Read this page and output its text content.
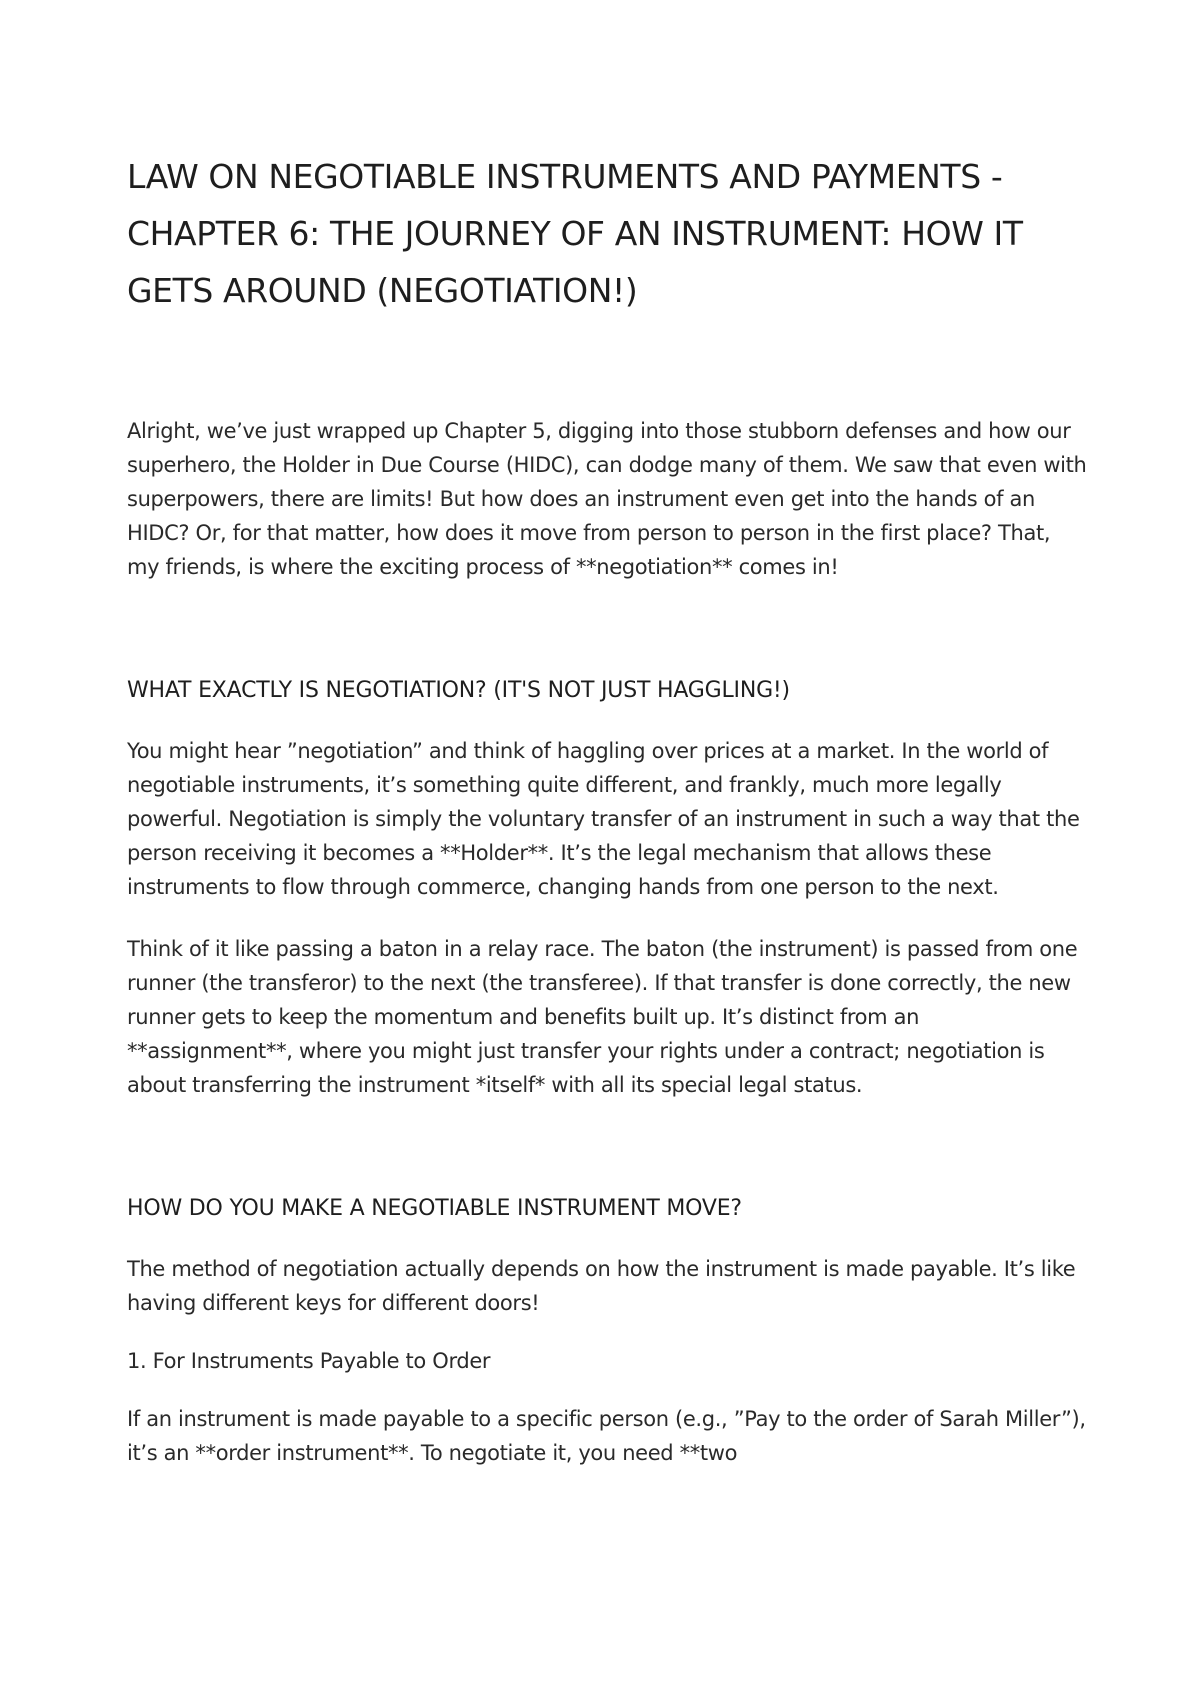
LAW ON NEGOTIABLE INSTRUMENTS AND PAYMENTS - CHAPTER 6: THE JOURNEY OF AN INSTRUMENT: HOW IT GETS AROUND (NEGOTIATION!)

Alright, we’ve just wrapped up Chapter 5, digging into those stubborn defenses and how our superhero, the Holder in Due Course (HIDC), can dodge many of them. We saw that even with superpowers, there are limits! But how does an instrument even get into the hands of an HIDC? Or, for that matter, how does it move from person to person in the first place? That, my friends, is where the exciting process of **negotiation** comes in!

WHAT EXACTLY IS NEGOTIATION? (IT'S NOT JUST HAGGLING!)

You might hear ”negotiation” and think of haggling over prices at a market. In the world of negotiable instruments, it’s something quite different, and frankly, much more legally powerful. Negotiation is simply the voluntary transfer of an instrument in such a way that the person receiving it becomes a **Holder**. It’s the legal mechanism that allows these instruments to flow through commerce, changing hands from one person to the next.

Think of it like passing a baton in a relay race. The baton (the instrument) is passed from one runner (the transferor) to the next (the transferee). If that transfer is done correctly, the new runner gets to keep the momentum and benefits built up. It’s distinct from an **assignment**, where you might just transfer your rights under a contract; negotiation is about transferring the instrument *itself* with all its special legal status.

HOW DO YOU MAKE A NEGOTIABLE INSTRUMENT MOVE?

The method of negotiation actually depends on how the instrument is made payable. It’s like having different keys for different doors!

1. For Instruments Payable to Order

If an instrument is made payable to a specific person (e.g., ”Pay to the order of Sarah Miller”), it’s an **order instrument**. To negotiate it, you need **two
